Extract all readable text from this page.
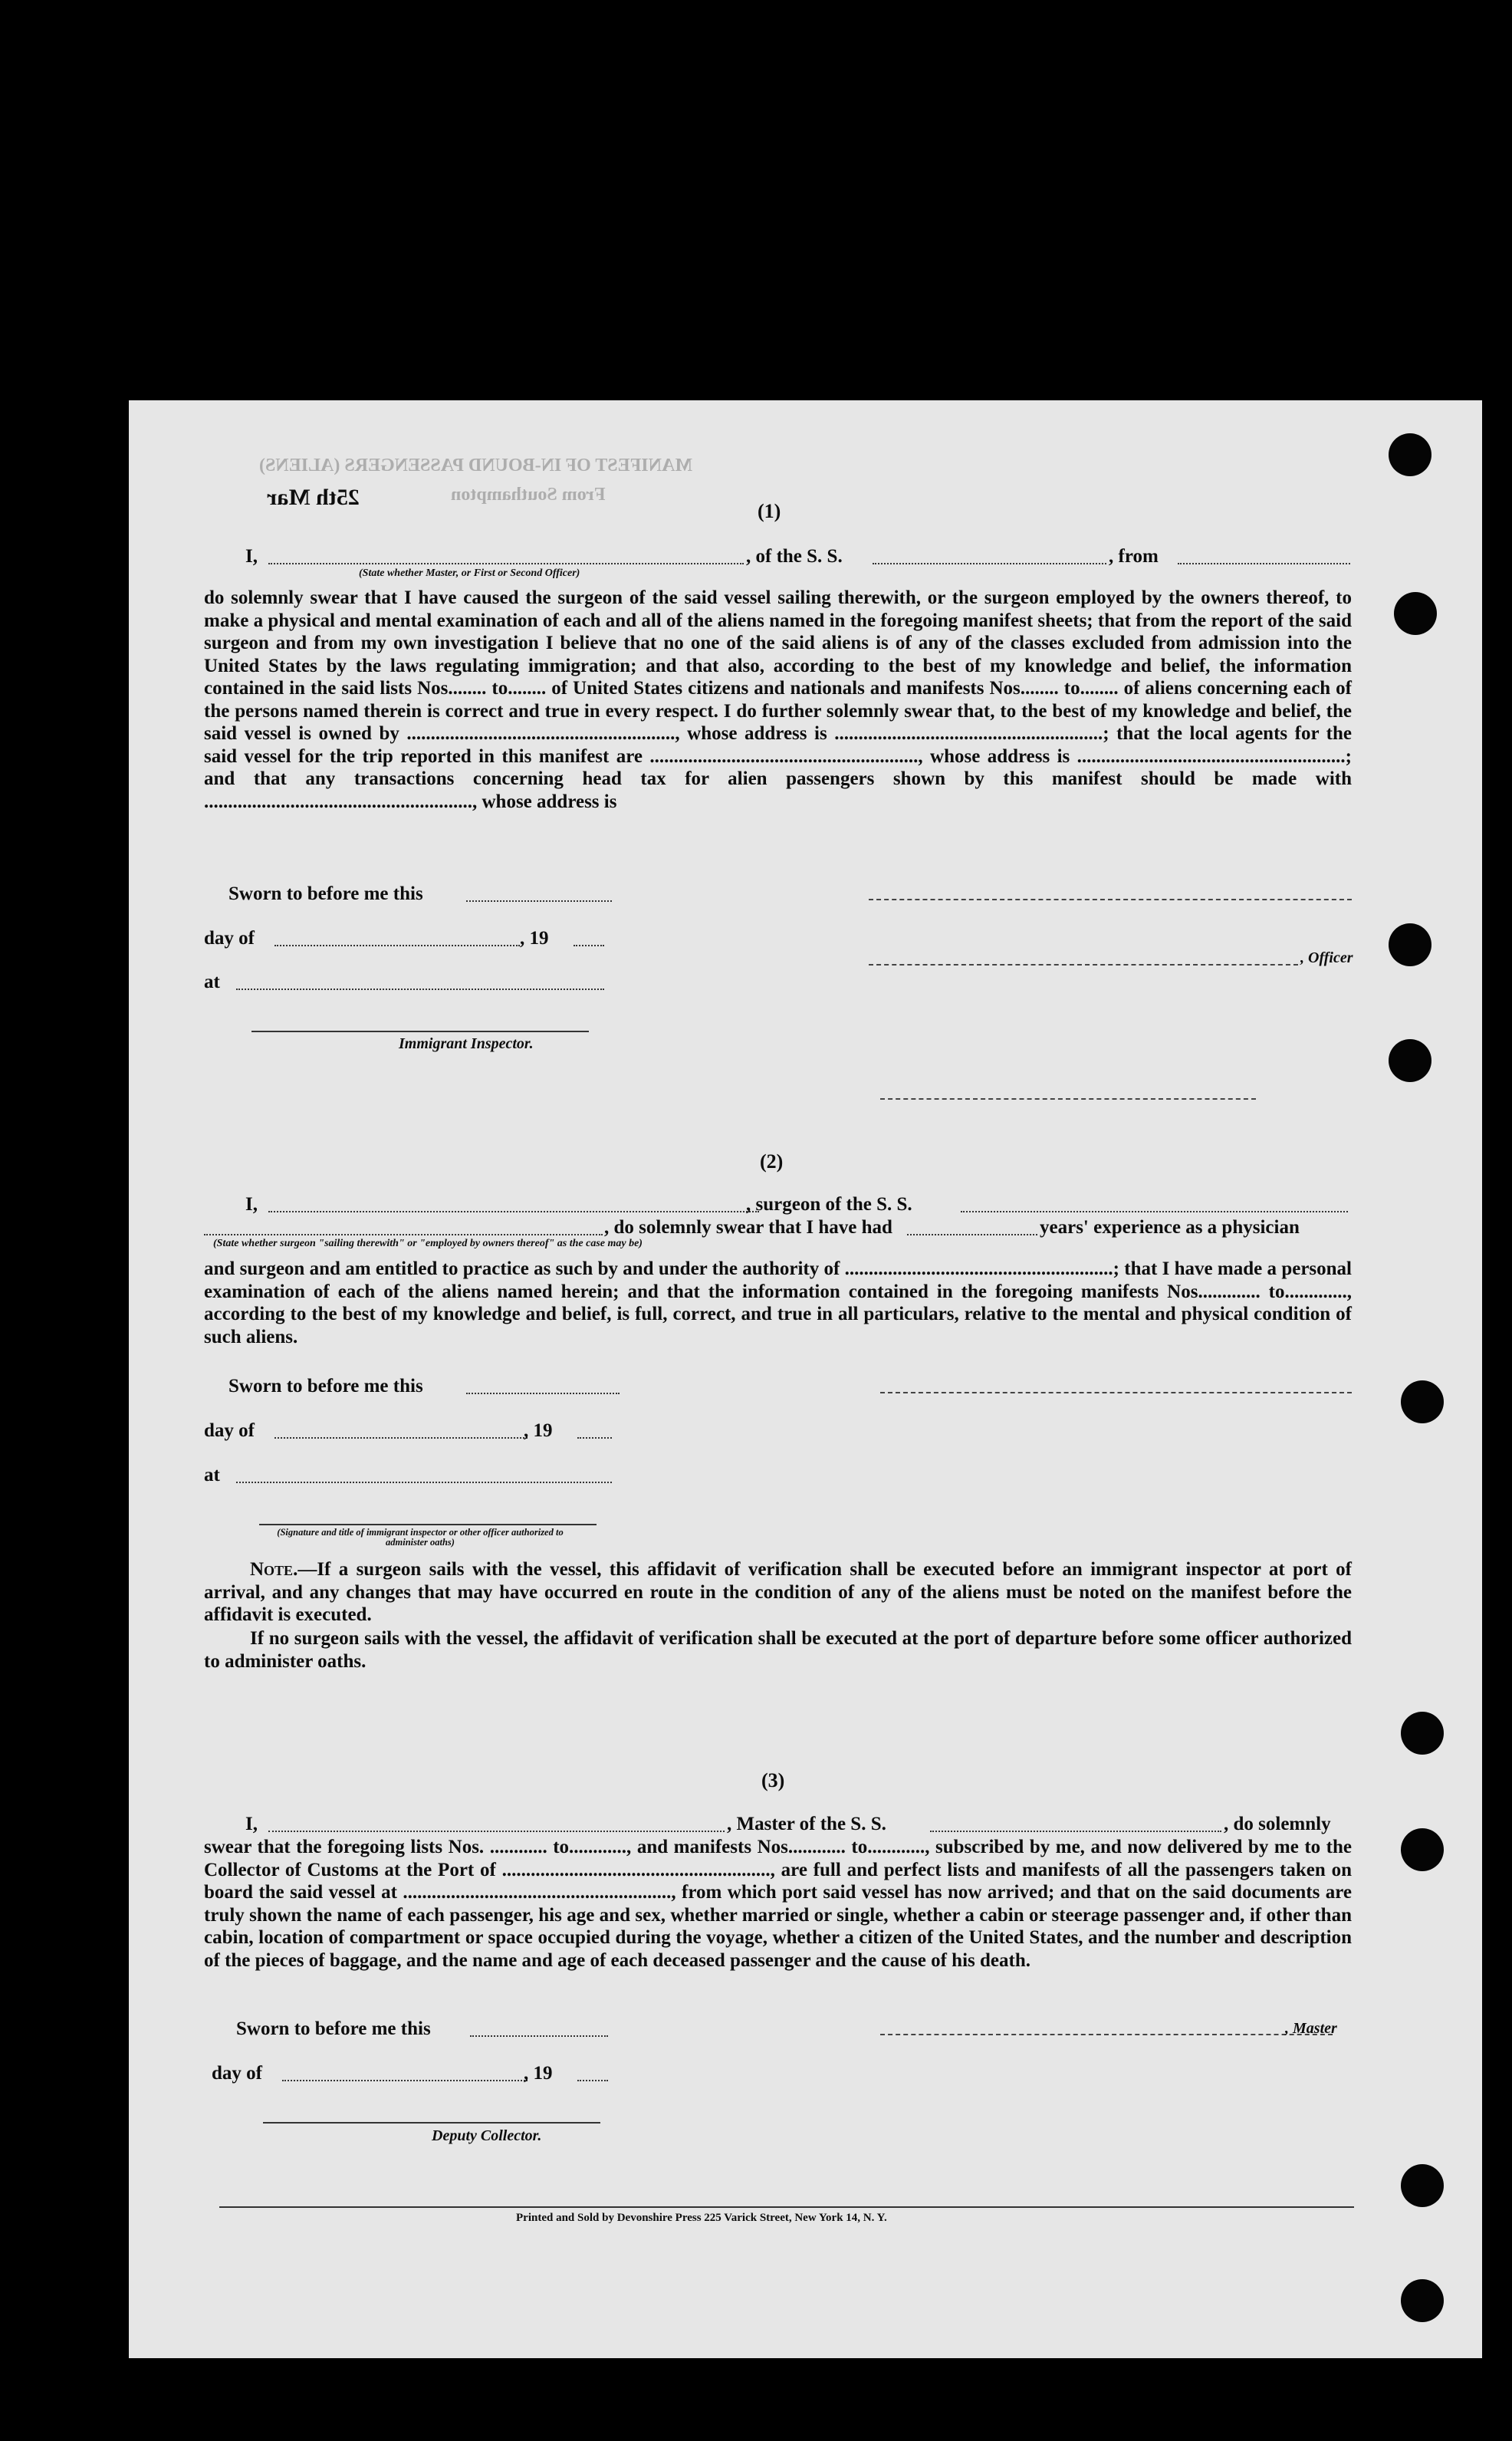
MANIFEST OF IN-BOUND PASSENGERS (ALIENS)
From Southampton
25th Mar
(1)
I,	, of the S. S.	, from
(State whether Master, or First or Second Officer)
do solemnly swear that I have caused the surgeon of the said vessel sailing therewith, or the surgeon employed by the owners thereof, to make a physical and mental examination of each and all of the aliens named in the foregoing manifest sheets; that from the report of the said surgeon and from my own investigation I believe that no one of the said aliens is of any of the classes excluded from admission into the United States by the laws regulating immigration; and that also, according to the best of my knowledge and belief, the information contained in the said lists Nos........ to........ of United States citizens and nationals and manifests Nos........ to........ of aliens concerning each of the persons named therein is correct and true in every respect. I do further solemnly swear that, to the best of my knowledge and belief, the said vessel is owned by ........................................................, whose address is ........................................................; that the local agents for the said vessel for the trip reported in this manifest are ........................................................, whose address is ........................................................; and that any transactions concerning head tax for alien passengers shown by this manifest should be made with ........................................................, whose address is
Sworn to before me this
day of	, 19
at
Immigrant Inspector.
, Officer
(2)
I,	, surgeon of the S. S.
, do solemnly swear that I have had	years' experience as a physician
(State whether surgeon "sailing therewith" or "employed by owners thereof" as the case may be)
and surgeon and am entitled to practice as such by and under the authority of ........................................................; that I have made a personal examination of each of the aliens named herein; and that the information contained in the foregoing manifests Nos............. to............., according to the best of my knowledge and belief, is full, correct, and true in all particulars, relative to the mental and physical condition of such aliens.
Sworn to before me this
day of	, 19
at
(Signature and title of immigrant inspector or other officer authorized to administer oaths)
Note.—If a surgeon sails with the vessel, this affidavit of verification shall be executed before an immigrant inspector at port of arrival, and any changes that may have occurred en route in the condition of any of the aliens must be noted on the manifest before the affidavit is executed.
If no surgeon sails with the vessel, the affidavit of verification shall be executed at the port of departure before some officer authorized to administer oaths.
(3)
I,	, Master of the S. S.	, do solemnly
swear that the foregoing lists Nos. ............ to............, and manifests Nos............ to............, subscribed by me, and now delivered by me to the Collector of Customs at the Port of ........................................................, are full and perfect lists and manifests of all the passengers taken on board the said vessel at ........................................................, from which port said vessel has now arrived; and that on the said documents are truly shown the name of each passenger, his age and sex, whether married or single, whether a cabin or steerage passenger and, if other than cabin, location of compartment or space occupied during the voyage, whether a citizen of the United States, and the number and description of the pieces of baggage, and the name and age of each deceased passenger and the cause of his death.
Sworn to before me this
day of	, 19
Deputy Collector.
, Master
Printed and Sold by Devonshire Press 225 Varick Street, New York 14, N. Y.
